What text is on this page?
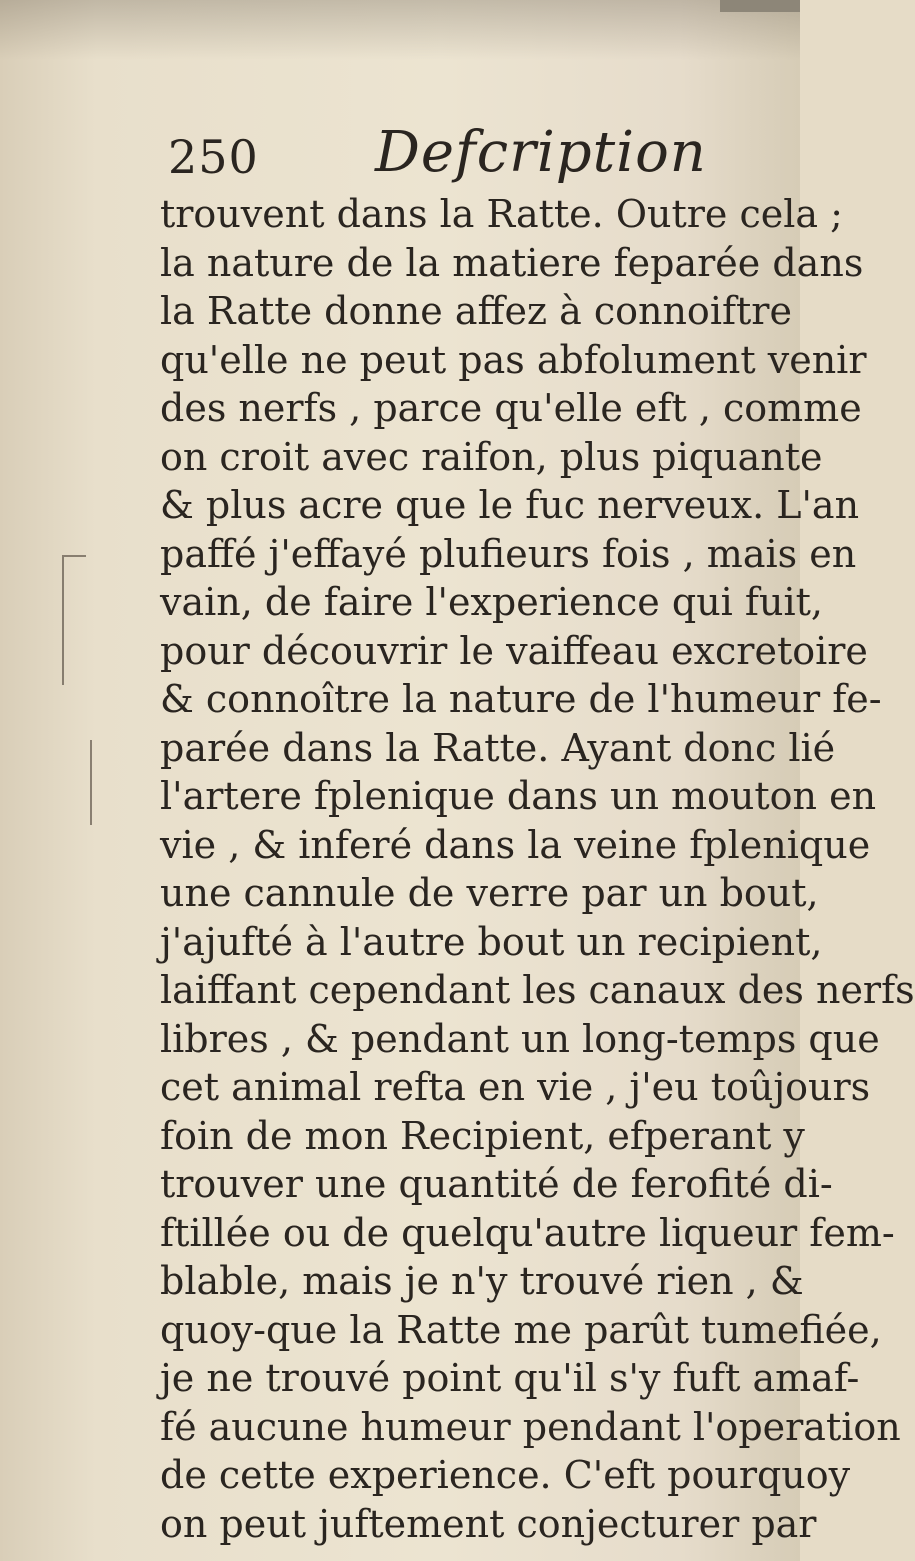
250 Defcription
trouvent dans la Ratte. Outre cela ;
la nature de la matiere feparée dans
la Ratte donne affez à connoiftre
qu'elle ne peut pas abfolument venir
des nerfs , parce qu'elle eft , comme
on croit avec raifon, plus piquante
& plus acre que le fuc nerveux. L'an
paffé j'effayé plufieurs fois , mais en
vain, de faire l'experience qui fuit,
pour découvrir le vaiffeau excretoire
& connoître la nature de l'humeur fe-
parée dans la Ratte. Ayant donc lié
l'artere fplenique dans un mouton en
vie , & inferé dans la veine fplenique
une cannule de verre par un bout,
j'ajufté à l'autre bout un recipient,
laiffant cependant les canaux des nerfs
libres , & pendant un long-temps que
cet animal refta en vie , j'eu toûjours
foin de mon Recipient, efperant y
trouver une quantité de ferofité di-
ftillée ou de quelqu'autre liqueur fem-
blable, mais je n'y trouvé rien , &
quoy-que la Ratte me parût tumefiée,
je ne trouvé point qu'il s'y fuft amaf-
fé aucune humeur pendant l'operation
de cette experience. C'eft pourquoy
on peut juftement conjecturer par
